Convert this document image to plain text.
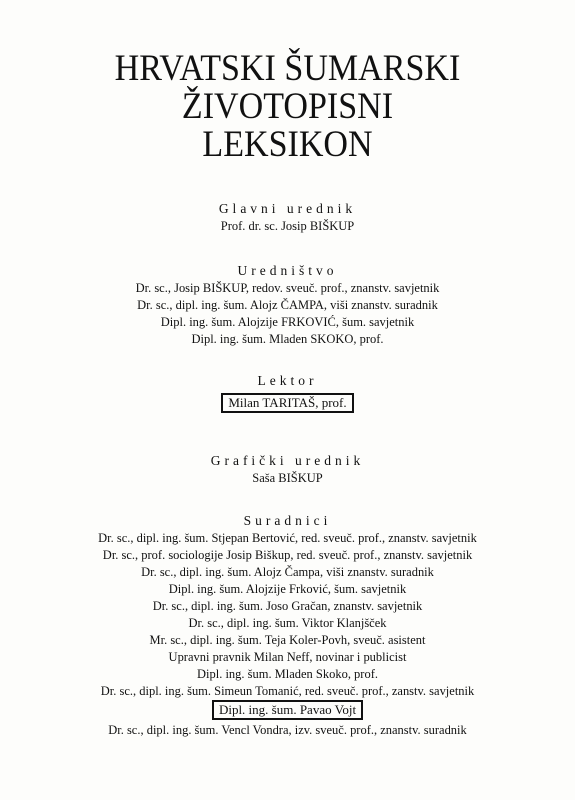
HRVATSKI ŠUMARSKI
ŽIVOTOPISNI
LEKSIKON
Glavni urednik
Prof. dr. sc. Josip BIŠKUP
Uredništvo
Dr. sc., Josip BIŠKUP, redov. sveuč. prof., znanstv. savjetnik
Dr. sc., dipl. ing. šum. Alojz ČAMPA, viši znanstv. suradnik
Dipl. ing. šum. Alojzije FRKOVIĆ, šum. savjetnik
Dipl. ing. šum. Mladen SKOKO, prof.
Lektor
Milan TARITAŠ, prof.
Grafički urednik
Saša BIŠKUP
Suradnici
Dr. sc., dipl. ing. šum. Stjepan Bertović, red. sveuč. prof., znanstv. savjetnik
Dr. sc., prof. sociologije Josip Biškup, red. sveuč. prof., znanstv. savjetnik
Dr. sc., dipl. ing. šum. Alojz Čampa, viši znanstv. suradnik
Dipl. ing. šum. Alojzije Frković, šum. savjetnik
Dr. sc., dipl. ing. šum. Joso Gračan, znanstv. savjetnik
Dr. sc., dipl. ing. šum. Viktor Klanjšček
Mr. sc., dipl. ing. šum. Teja Koler-Povh, sveuč. asistent
Upravni pravnik Milan Neff, novinar i publicist
Dipl. ing. šum. Mladen Skoko, prof.
Dr. sc., dipl. ing. šum. Simeun Tomanić, red. sveuč. prof., zanstv. savjetnik
Dipl. ing. šum. Pavao Vojt
Dr. sc., dipl. ing. šum. Vencl Vondra, izv. sveuč. prof., znanstv. suradnik
